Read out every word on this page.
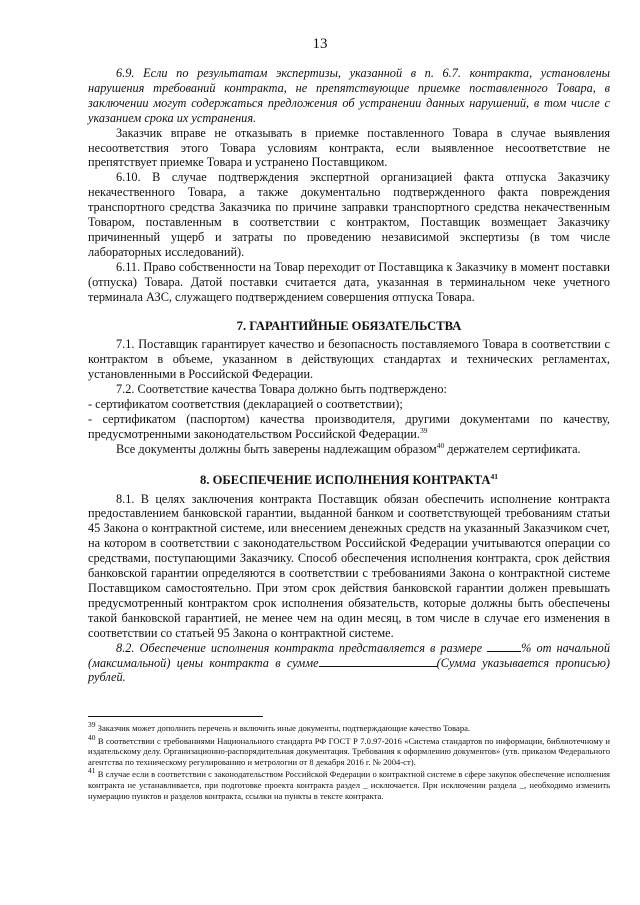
13

6.9. Если по результатам экспертизы, указанной в п. 6.7. контракта, установлены нарушения требований контракта, не препятствующие приемке поставленного Товара, в заключении могут содержаться предложения об устранении данных нарушений, в том числе с указанием срока их устранения.

Заказчик вправе не отказывать в приемке поставленного Товара в случае выявления несоответствия этого Товара условиям контракта, если выявленное несоответствие не препятствует приемке Товара и устранено Поставщиком.

6.10. В случае подтверждения экспертной организацией факта отпуска Заказчику некачественного Товара, а также документально подтвержденного факта повреждения транспортного средства Заказчика по причине заправки транспортного средства некачественным Товаром, поставленным в соответствии с контрактом, Поставщик возмещает Заказчику причиненный ущерб и затраты по проведению независимой экспертизы (в том числе лабораторных исследований).

6.11. Право собственности на Товар переходит от Поставщика к Заказчику в момент поставки (отпуска) Товара. Датой поставки считается дата, указанная в терминальном чеке учетного терминала АЗС, служащего подтверждением совершения отпуска Товара.

7. ГАРАНТИЙНЫЕ ОБЯЗАТЕЛЬСТВА

7.1. Поставщик гарантирует качество и безопасность поставляемого Товара в соответствии с контрактом в объеме, указанном в действующих стандартах и технических регламентах, установленными в Российской Федерации.

7.2. Соответствие качества Товара должно быть подтверждено:

- сертификатом соответствия (декларацией о соответствии);

- сертификатом (паспортом) качества производителя, другими документами по качеству, предусмотренными законодательством Российской Федерации.$^{39}$

Все документы должны быть заверены надлежащим образом$^{40}$ держателем сертификата.

8. ОБЕСПЕЧЕНИЕ ИСПОЛНЕНИЯ КОНТРАКТА$^{41}$

8.1. В целях заключения контракта Поставщик обязан обеспечить исполнение контракта предоставлением банковской гарантии, выданной банком и соответствующей требованиям статьи 45 Закона о контрактной системе, или внесением денежных средств на указанный Заказчиком счет, на котором в соответствии с законодательством Российской Федерации учитываются операции со средствами, поступающими Заказчику. Способ обеспечения исполнения контракта, срок действия банковской гарантии определяются в соответствии с требованиями Закона о контрактной системе Поставщиком самостоятельно. При этом срок действия банковской гарантии должен превышать предусмотренный контрактом срок исполнения обязательств, которые должны быть обеспечены такой банковской гарантией, не менее чем на один месяц, в том числе в случае его изменения в соответствии со статьей 95 Закона о контрактной системе.

8.2. Обеспечение исполнения контракта представляется в размере	% от начальной (максимальной) цены контракта в сумме	(Сумма указывается прописью) рублей.

$^{39}$ Заказчик может дополнить перечень и включить иные документы, подтверждающие качество Товара.

$^{40}$ В соответствии с требованиями Национального стандарта РФ ГОСТ Р 7.0.97-2016 «Система стандартов по информации, библиотечному и издательскому делу. Организационно-распорядительная документация. Требования к оформлению документов» (утв. приказом Федерального агентства по техническому регулированию и метрологии от 8 декабря 2016 г. № 2004-ст).

$^{41}$ В случае если в соответствии с законодательством Российской Федерации о контрактной системе в сфере закупок обеспечение исполнения контракта не устанавливается, при подготовке проекта контракта раздел _ исключается. При исключении раздела _, необходимо изменить нумерацию пунктов и разделов контракта, ссылки на пункты в тексте контракта.
